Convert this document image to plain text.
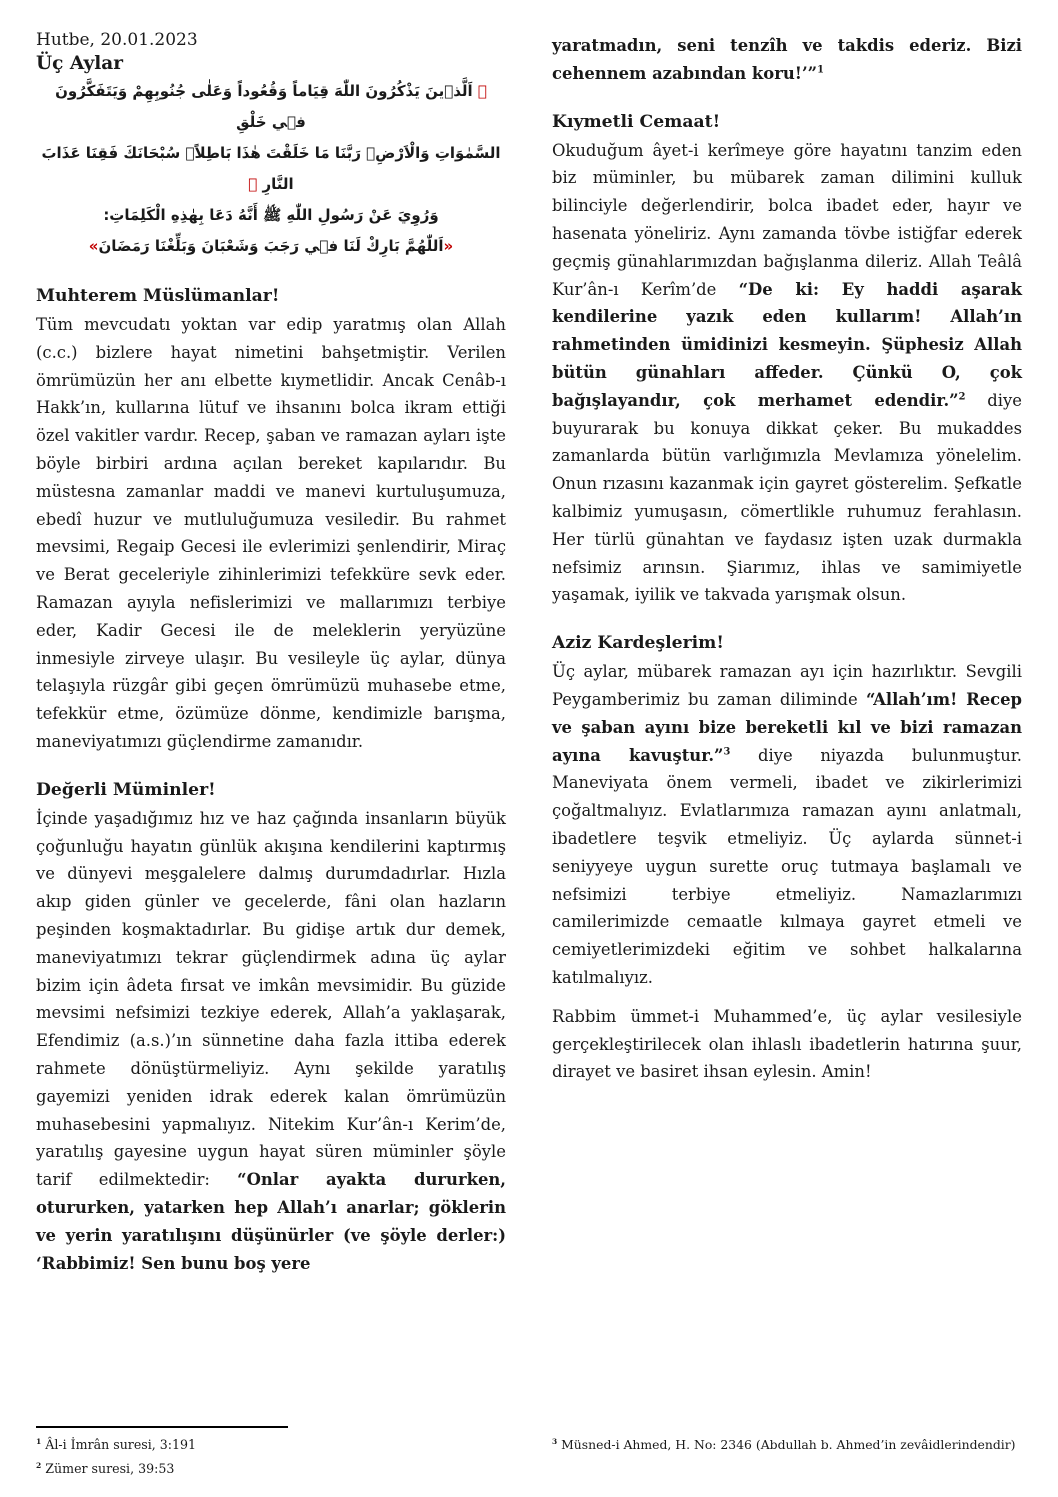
Hutbe, 20.01.2023

Üç Aylar

﴿ اَلَّذ۪ينَ يَذْكُرُونَ اللّٰهَ قِيَاماً وَقُعُوداً وَعَلٰى جُنُوبِهِمْ وَيَتَفَكَّرُونَ ف۪ي خَلْقِ

السَّمٰوَاتِ وَالْاَرْضِۚ رَبَّنَا مَا خَلَقْتَ هٰذَا بَاطِلاًۚ سُبْحَانَكَ فَقِنَا عَذَابَ النَّارِ ﴾

وَرُوِيَ عَنْ رَسُولِ اللّٰهِ ﷺ أَنَّهُ دَعَا بِهٰذِهِ الْكَلِمَاتِ:

«اَللّٰهُمَّ بَارِكْ لَنَا ف۪ي رَجَبَ وَشَعْبَانَ وَبَلِّغْنَا رَمَضَانَ»

Muhterem Müslümanlar!

Tüm mevcudatı yoktan var edip yaratmış olan Allah (c.c.) bizlere hayat nimetini bahşetmiştir. Verilen ömrümüzün her anı elbette kıymetlidir. Ancak Cenâb-ı Hakk’ın, kullarına lütuf ve ihsanını bolca ikram ettiği özel vakitler vardır. Recep, şaban ve ramazan ayları işte böyle birbiri ardına açılan bereket kapılarıdır. Bu müstesna zamanlar maddi ve manevi kurtuluşumuza, ebedî huzur ve mutluluğumuza vesiledir. Bu rahmet mevsimi, Regaip Gecesi ile evlerimizi şenlendirir, Miraç ve Berat geceleriyle zihinlerimizi tefekküre sevk eder. Ramazan ayıyla nefislerimizi ve mallarımızı terbiye eder, Kadir Gecesi ile de meleklerin yeryüzüne inmesiyle zirveye ulaşır. Bu vesileyle üç aylar, dünya telaşıyla rüzgâr gibi geçen ömrümüzü muhasebe etme, tefekkür etme, özümüze dönme, kendimizle barışma, maneviyatımızı güçlendirme zamanıdır.

Değerli Müminler!

İçinde yaşadığımız hız ve haz çağında insanların büyük çoğunluğu hayatın günlük akışına kendilerini kaptırmış ve dünyevi meşgalelere dalmış durumdadırlar. Hızla akıp giden günler ve gecelerde, fâni olan hazların peşinden koşmaktadırlar. Bu gidişe artık dur demek, maneviyatımızı tekrar güçlendirmek adına üç aylar bizim için âdeta fırsat ve imkân mevsimidir. Bu güzide mevsimi nefsimizi tezkiye ederek, Allah’a yaklaşarak, Efendimiz (a.s.)’ın sünnetine daha fazla ittiba ederek rahmete dönüştürmeliyiz. Aynı şekilde yaratılış gayemizi yeniden idrak ederek kalan ömrümüzün muhasebesini yapmalıyız. Nitekim Kur’ân-ı Kerim’de, yaratılış gayesine uygun hayat süren müminler şöyle tarif edilmektedir: “Onlar ayakta dururken, otururken, yatarken hep Allah’ı anarlar; göklerin ve yerin yaratılışını düşünürler (ve şöyle derler:) ‘Rabbimiz! Sen bunu boş yere

yaratmadın, seni tenzîh ve takdis ederiz. Bizi cehennem azabından koru!’”$^1$

Kıymetli Cemaat!

Okuduğum âyet-i kerîmeye göre hayatını tanzim eden biz müminler, bu mübarek zaman dilimini kulluk bilinciyle değerlendirir, bolca ibadet eder, hayır ve hasenata yöneliriz. Aynı zamanda tövbe istiğfar ederek geçmiş günahlarımızdan bağışlanma dileriz. Allah Teâlâ Kur’ân-ı Kerîm’de “De ki: Ey haddi aşarak kendilerine yazık eden kullarım! Allah’ın rahmetinden ümidinizi kesmeyin. Şüphesiz Allah bütün günahları affeder. Çünkü O, çok bağışlayandır, çok merhamet edendir.”$^2$ diye buyurarak bu konuya dikkat çeker. Bu mukaddes zamanlarda bütün varlığımızla Mevlamıza yönelelim. Onun rızasını kazanmak için gayret gösterelim. Şefkatle kalbimiz yumuşasın, cömertlikle ruhumuz ferahlasın. Her türlü günahtan ve faydasız işten uzak durmakla nefsimiz arınsın. Şiarımız, ihlas ve samimiyetle yaşamak, iyilik ve takvada yarışmak olsun.

Aziz Kardeşlerim!

Üç aylar, mübarek ramazan ayı için hazırlıktır. Sevgili Peygamberimiz bu zaman diliminde “Allah’ım! Recep ve şaban ayını bize bereketli kıl ve bizi ramazan ayına kavuştur.”$^3$ diye niyazda bulunmuştur. Maneviyata önem vermeli, ibadet ve zikirlerimizi çoğaltmalıyız. Evlatlarımıza ramazan ayını anlatmalı, ibadetlere teşvik etmeliyiz. Üç aylarda sünnet-i seniyyeye uygun surette oruç tutmaya başlamalı ve nefsimizi terbiye etmeliyiz. Namazlarımızı camilerimizde cemaatle kılmaya gayret etmeli ve cemiyetlerimizdeki eğitim ve sohbet halkalarına katılmalıyız.

Rabbim ümmet-i Muhammed’e, üç aylar vesilesiyle gerçekleştirilecek olan ihlaslı ibadetlerin hatırına şuur, dirayet ve basiret ihsan eylesin. Amin!

$^1$ Âl-i İmrân suresi, 3:191

$^2$ Zümer suresi, 39:53

$^3$ Müsned-i Ahmed, H. No: 2346 (Abdullah b. Ahmed’in zevâidlerindendir)
